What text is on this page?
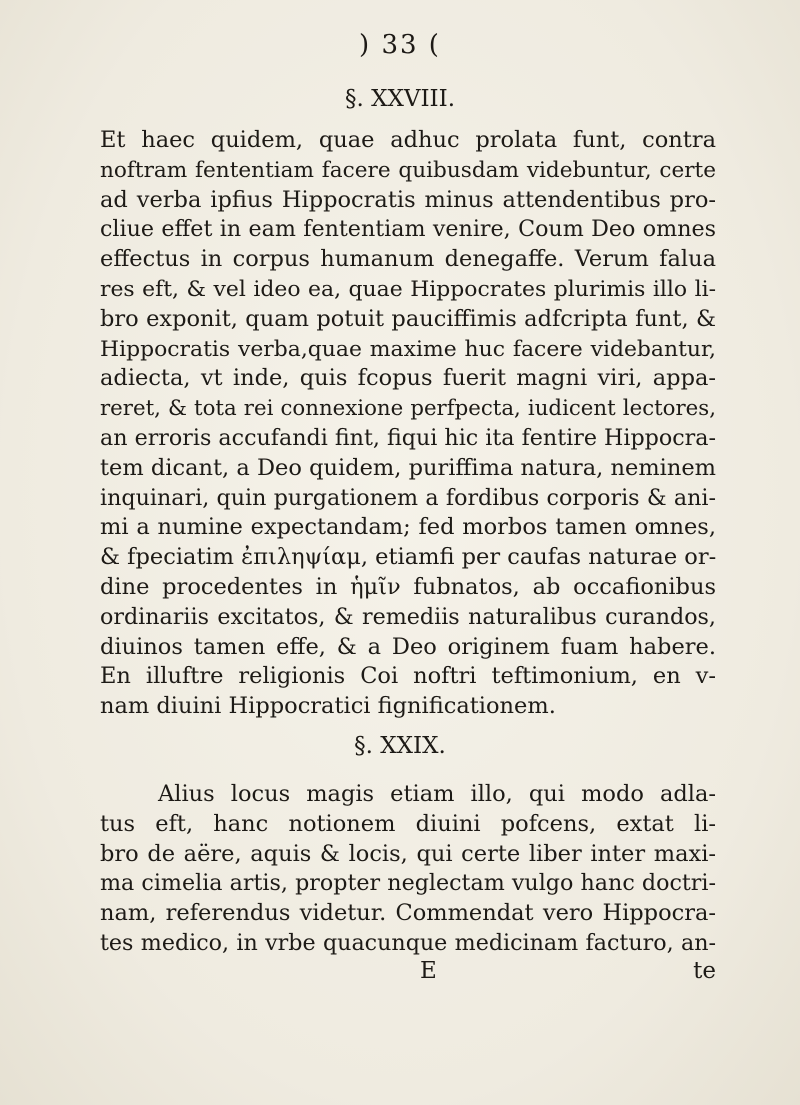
) 33 (
§. XXVIII.
Et haec quidem, quae adhuc prolata funt, contra
noftram fententiam facere quibusdam videbuntur, certe
ad verba ipfius Hippocratis minus attendentibus pro-
cliue effet in eam fententiam venire, Coum Deo omnes
effectus in corpus humanum denegaffe. Verum falua
res eft, & vel ideo ea, quae Hippocrates plurimis illo li-
bro exponit, quam potuit pauciffimis adfcripta funt, &
Hippocratis verba,quae maxime huc facere videbantur,
adiecta, vt inde, quis fcopus fuerit magni viri, appa-
reret, & tota rei connexione perfpecta, iudicent lectores,
an erroris accufandi fint, fiqui hic ita fentire Hippocra-
tem dicant, a Deo quidem, puriffima natura, neminem
inquinari, quin purgationem a fordibus corporis & ani-
mi a numine expectandam; fed morbos tamen omnes,
& fpeciatim ἐπιληψίαμ, etiamfi per caufas naturae or-
dine procedentes in ἡμῖν fubnatos, ab occafionibus
ordinariis excitatos, & remediis naturalibus curandos,
diuinos tamen effe, & a Deo originem fuam habere.
En illuftre religionis Coi noftri teftimonium, en v-
nam diuini Hippocratici fignificationem.
§. XXIX.
Alius locus magis etiam illo, qui modo adla-
tus eft, hanc notionem diuini pofcens, extat li-
bro de aëre, aquis & locis, qui certe liber inter maxi-
ma cimelia artis, propter neglectam vulgo hanc doctri-
nam, referendus videtur. Commendat vero Hippocra-
tes medico, in vrbe quacunque medicinam facturo, an-
E	te
